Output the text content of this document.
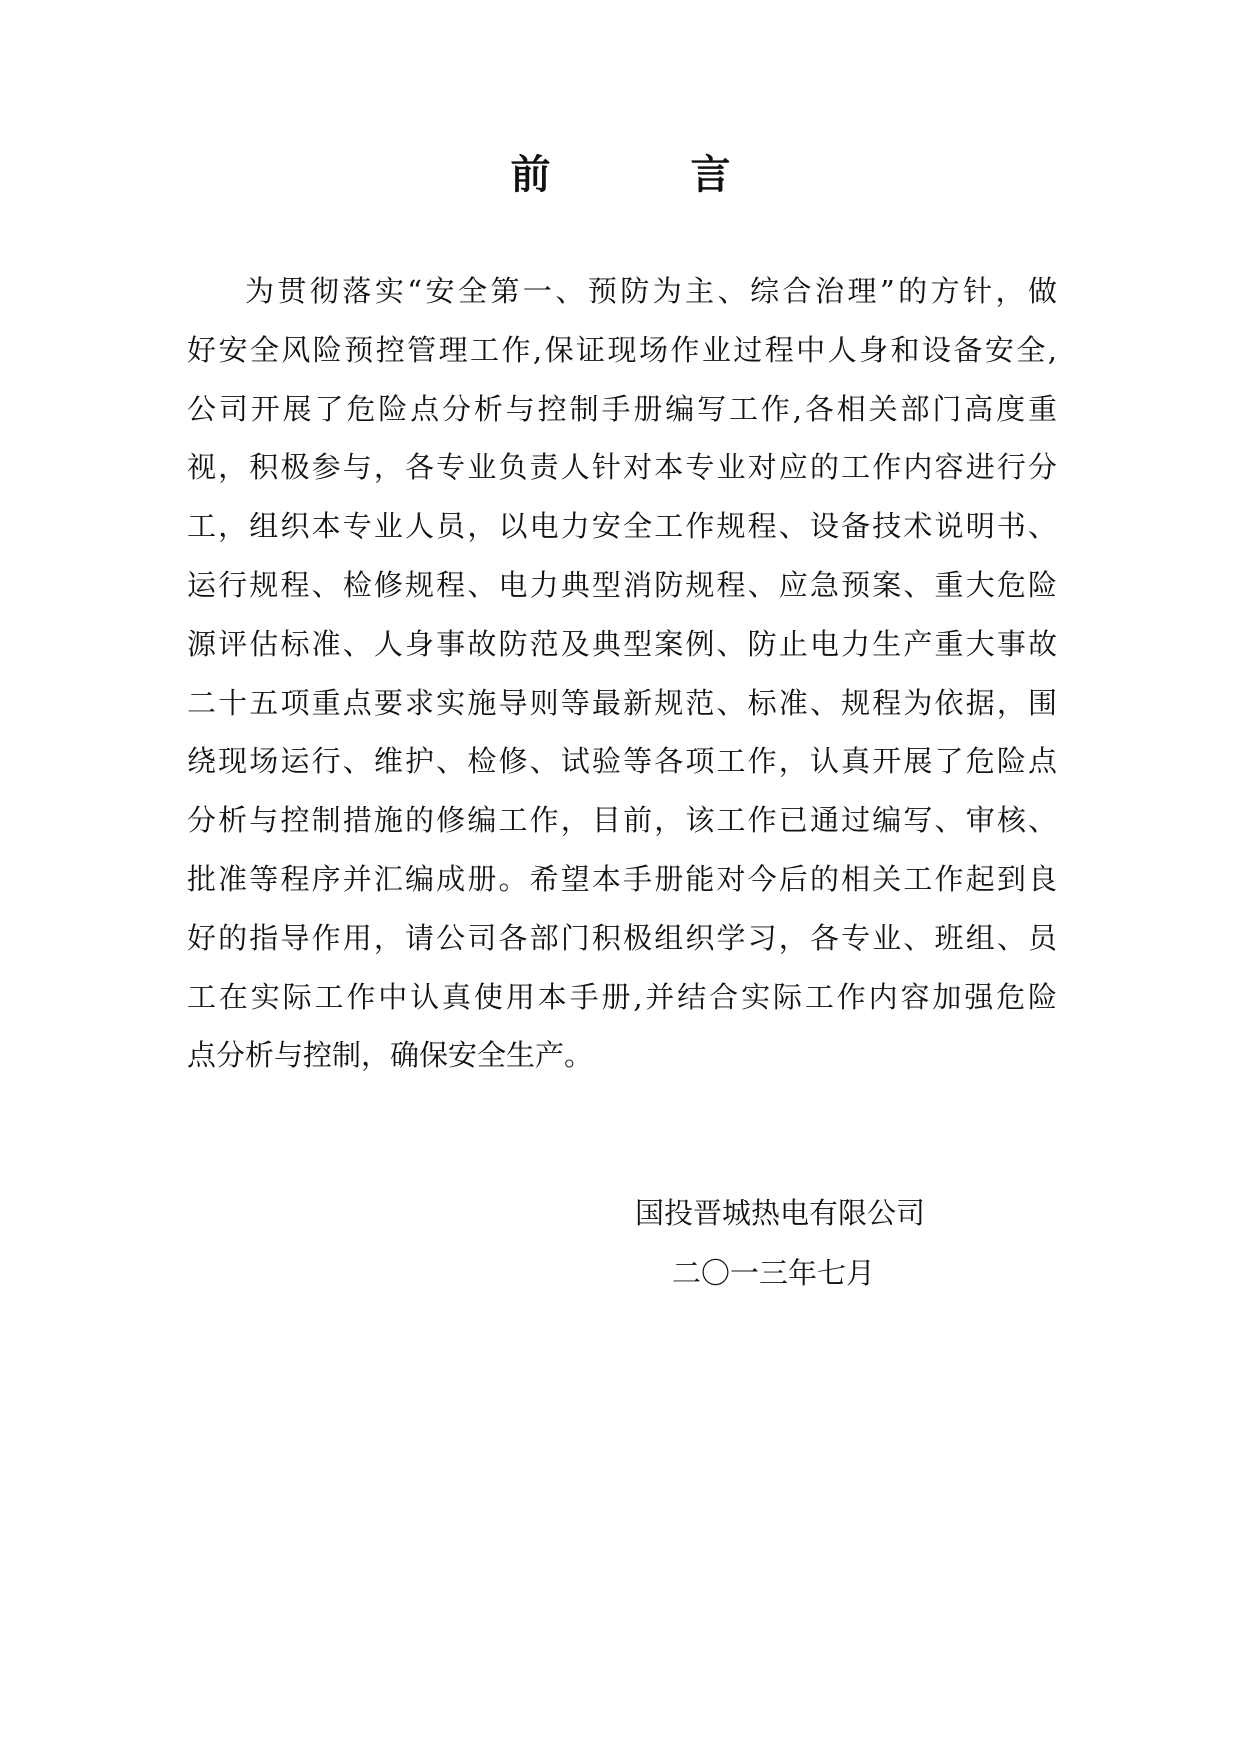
前　言
为贯彻落实“安全第一、预防为主、综合治理”的方针，做
好安全风险预控管理工作,保证现场作业过程中人身和设备安全,
公司开展了危险点分析与控制手册编写工作,各相关部门高度重
视，积极参与，各专业负责人针对本专业对应的工作内容进行分
工，组织本专业人员，以电力安全工作规程、设备技术说明书、
运行规程、检修规程、电力典型消防规程、应急预案、重大危险
源评估标准、人身事故防范及典型案例、防止电力生产重大事故
二十五项重点要求实施导则等最新规范、标准、规程为依据，围
绕现场运行、维护、检修、试验等各项工作，认真开展了危险点
分析与控制措施的修编工作，目前，该工作已通过编写、审核、
批准等程序并汇编成册。希望本手册能对今后的相关工作起到良
好的指导作用，请公司各部门积极组织学习，各专业、班组、员
工在实际工作中认真使用本手册,并结合实际工作内容加强危险
点分析与控制，确保安全生产。
国投晋城热电有限公司
二〇一三年七月
